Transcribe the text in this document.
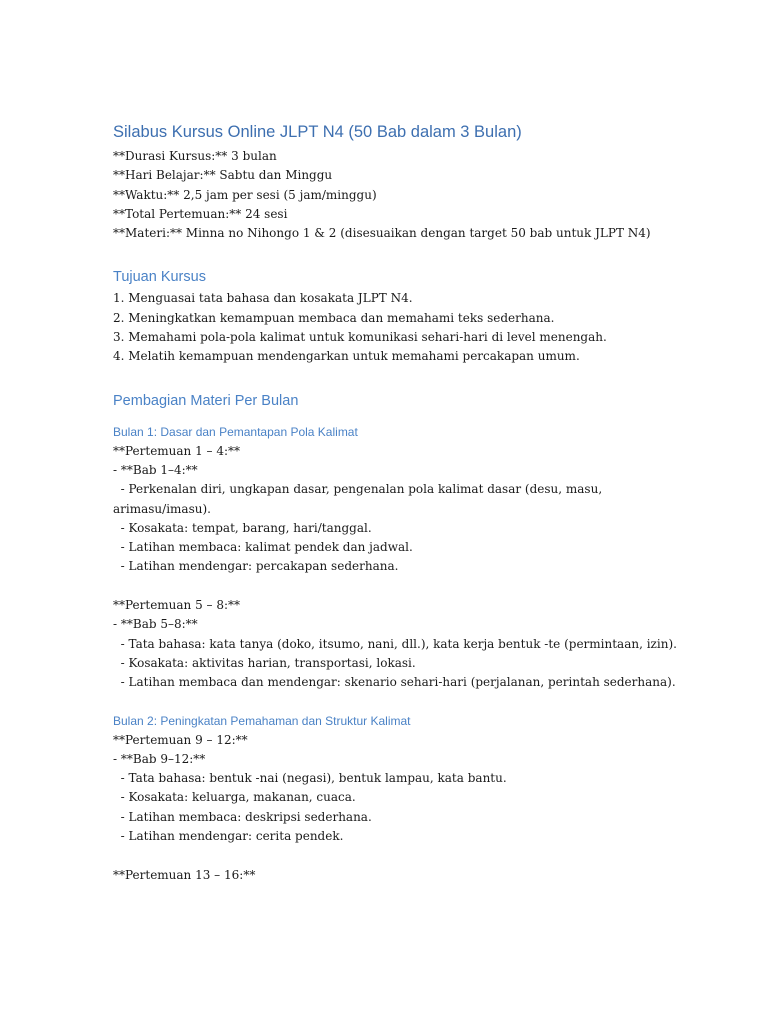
Silabus Kursus Online JLPT N4 (50 Bab dalam 3 Bulan)
**Durasi Kursus:** 3 bulan
**Hari Belajar:** Sabtu dan Minggu
**Waktu:** 2,5 jam per sesi (5 jam/minggu)
**Total Pertemuan:** 24 sesi
**Materi:** Minna no Nihongo 1 & 2 (disesuaikan dengan target 50 bab untuk JLPT N4)
Tujuan Kursus
1. Menguasai tata bahasa dan kosakata JLPT N4.
2. Meningkatkan kemampuan membaca dan memahami teks sederhana.
3. Memahami pola-pola kalimat untuk komunikasi sehari-hari di level menengah.
4. Melatih kemampuan mendengarkan untuk memahami percakapan umum.
Pembagian Materi Per Bulan
Bulan 1: Dasar dan Pemantapan Pola Kalimat
**Pertemuan 1 – 4:**
- **Bab 1–4:**
- Perkenalan diri, ungkapan dasar, pengenalan pola kalimat dasar (desu, masu,
arimasu/imasu).
- Kosakata: tempat, barang, hari/tanggal.
- Latihan membaca: kalimat pendek dan jadwal.
- Latihan mendengar: percakapan sederhana.
**Pertemuan 5 – 8:**
- **Bab 5–8:**
- Tata bahasa: kata tanya (doko, itsumo, nani, dll.), kata kerja bentuk -te (permintaan, izin).
- Kosakata: aktivitas harian, transportasi, lokasi.
- Latihan membaca dan mendengar: skenario sehari-hari (perjalanan, perintah sederhana).
Bulan 2: Peningkatan Pemahaman dan Struktur Kalimat
**Pertemuan 9 – 12:**
- **Bab 9–12:**
- Tata bahasa: bentuk -nai (negasi), bentuk lampau, kata bantu.
- Kosakata: keluarga, makanan, cuaca.
- Latihan membaca: deskripsi sederhana.
- Latihan mendengar: cerita pendek.
**Pertemuan 13 – 16:**
